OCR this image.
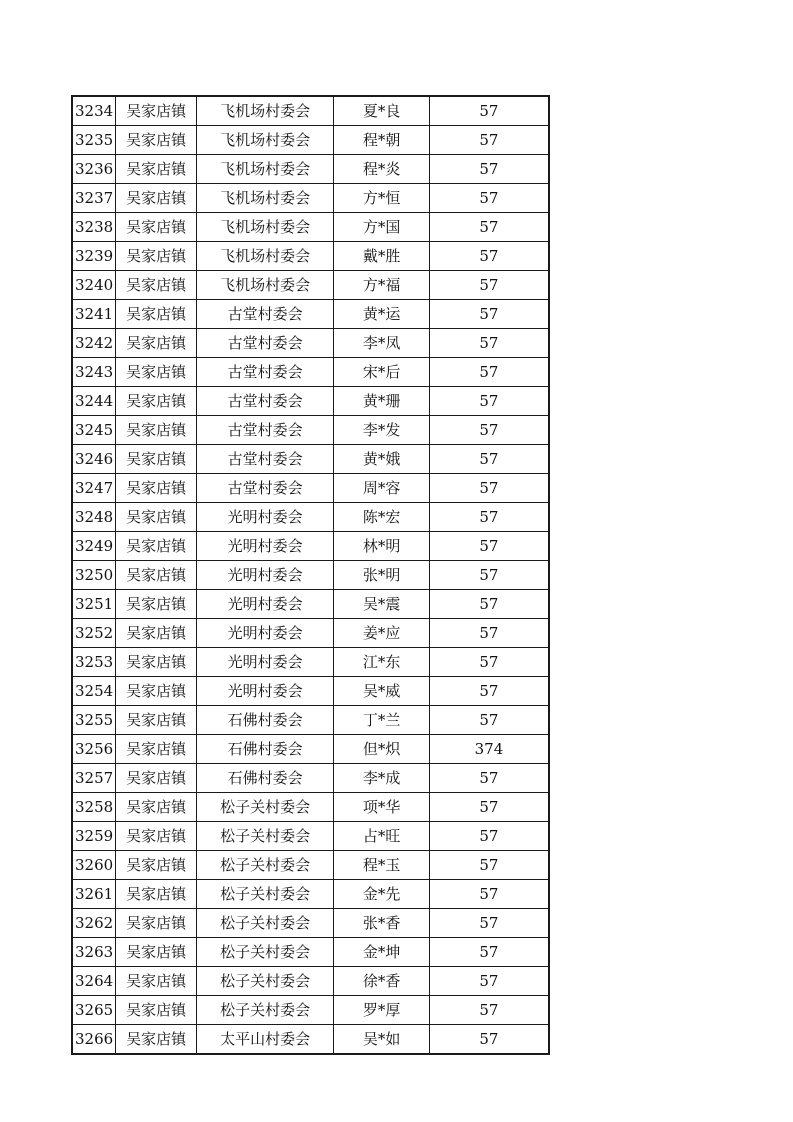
3234	吴家店镇	飞机场村委会	夏*良	57
3235	吴家店镇	飞机场村委会	程*朝	57
3236	吴家店镇	飞机场村委会	程*炎	57
3237	吴家店镇	飞机场村委会	方*恒	57
3238	吴家店镇	飞机场村委会	方*国	57
3239	吴家店镇	飞机场村委会	戴*胜	57
3240	吴家店镇	飞机场村委会	方*福	57
3241	吴家店镇	古堂村委会	黄*运	57
3242	吴家店镇	古堂村委会	李*凤	57
3243	吴家店镇	古堂村委会	宋*后	57
3244	吴家店镇	古堂村委会	黄*珊	57
3245	吴家店镇	古堂村委会	李*发	57
3246	吴家店镇	古堂村委会	黄*娥	57
3247	吴家店镇	古堂村委会	周*容	57
3248	吴家店镇	光明村委会	陈*宏	57
3249	吴家店镇	光明村委会	林*明	57
3250	吴家店镇	光明村委会	张*明	57
3251	吴家店镇	光明村委会	吴*震	57
3252	吴家店镇	光明村委会	姜*应	57
3253	吴家店镇	光明村委会	江*东	57
3254	吴家店镇	光明村委会	吴*威	57
3255	吴家店镇	石佛村委会	丁*兰	57
3256	吴家店镇	石佛村委会	但*炽	374
3257	吴家店镇	石佛村委会	李*成	57
3258	吴家店镇	松子关村委会	项*华	57
3259	吴家店镇	松子关村委会	占*旺	57
3260	吴家店镇	松子关村委会	程*玉	57
3261	吴家店镇	松子关村委会	金*先	57
3262	吴家店镇	松子关村委会	张*香	57
3263	吴家店镇	松子关村委会	金*坤	57
3264	吴家店镇	松子关村委会	徐*香	57
3265	吴家店镇	松子关村委会	罗*厚	57
3266	吴家店镇	太平山村委会	吴*如	57
